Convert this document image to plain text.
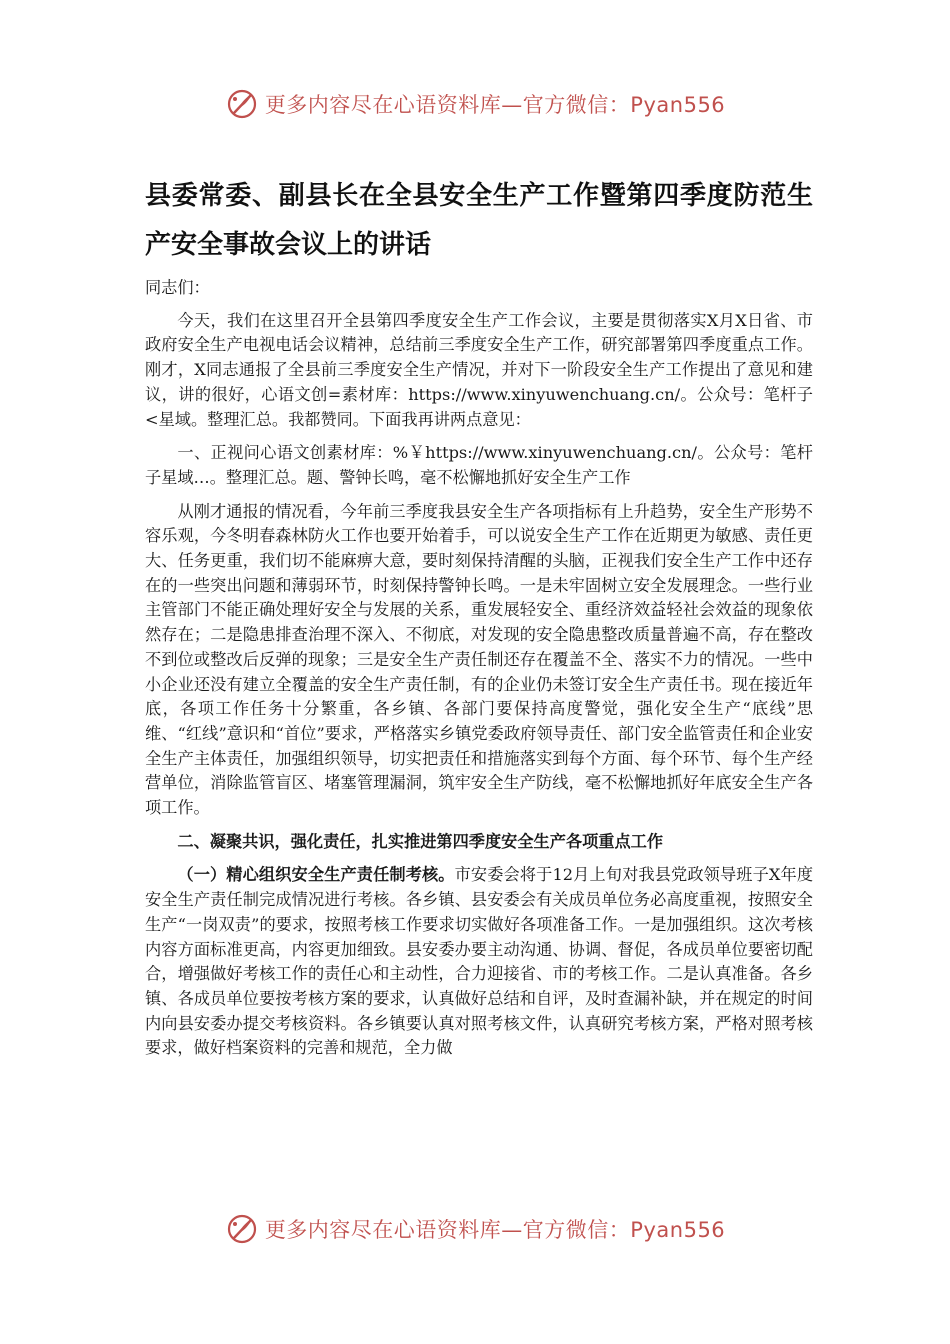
更多内容尽在心语资料库—官方微信：Pyan556
县委常委、副县长在全县安全生产工作暨第四季度防范生产安全事故会议上的讲话

同志们：

今天，我们在这里召开全县第四季度安全生产工作会议，主要是贯彻落实X月X日省、市政府安全生产电视电话会议精神，总结前三季度安全生产工作，研究部署第四季度重点工作。刚才，X同志通报了全县前三季度安全生产情况，并对下一阶段安全生产工作提出了意见和建议，讲的很好，心语文创=素材库：https://www.xinyuwenchuang.cn/。公众号：笔杆子<星域。整理汇总。我都赞同。下面我再讲两点意见：

一、正视问心语文创素材库：%￥https://www.xinyuwenchuang.cn/。公众号：笔杆子星域…。整理汇总。题、警钟长鸣，毫不松懈地抓好安全生产工作

从刚才通报的情况看，今年前三季度我县安全生产各项指标有上升趋势，安全生产形势不容乐观，今冬明春森林防火工作也要开始着手，可以说安全生产工作在近期更为敏感、责任更大、任务更重，我们切不能麻痹大意，要时刻保持清醒的头脑，正视我们安全生产工作中还存在的一些突出问题和薄弱环节，时刻保持警钟长鸣。一是未牢固树立安全发展理念。一些行业主管部门不能正确处理好安全与发展的关系，重发展轻安全、重经济效益轻社会效益的现象依然存在；二是隐患排查治理不深入、不彻底，对发现的安全隐患整改质量普遍不高，存在整改不到位或整改后反弹的现象；三是安全生产责任制还存在覆盖不全、落实不力的情况。一些中小企业还没有建立全覆盖的安全生产责任制，有的企业仍未签订安全生产责任书。现在接近年底，各项工作任务十分繁重，各乡镇、各部门要保持高度警觉，强化安全生产“底线”思维、“红线”意识和“首位”要求，严格落实乡镇党委政府领导责任、部门安全监管责任和企业安全生产主体责任，加强组织领导，切实把责任和措施落实到每个方面、每个环节、每个生产经营单位，消除监管盲区、堵塞管理漏洞，筑牢安全生产防线，毫不松懈地抓好年底安全生产各项工作。

二、凝聚共识，强化责任，扎实推进第四季度安全生产各项重点工作

（一）精心组织安全生产责任制考核。市安委会将于12月上旬对我县党政领导班子X年度安全生产责任制完成情况进行考核。各乡镇、县安委会有关成员单位务必高度重视，按照安全生产“一岗双责”的要求，按照考核工作要求切实做好各项准备工作。一是加强组织。这次考核内容方面标准更高，内容更加细致。县安委办要主动沟通、协调、督促，各成员单位要密切配合，增强做好考核工作的责任心和主动性，合力迎接省、市的考核工作。二是认真准备。各乡镇、各成员单位要按考核方案的要求，认真做好总结和自评，及时查漏补缺，并在规定的时间内向县安委办提交考核资料。各乡镇要认真对照考核文件，认真研究考核方案，严格对照考核要求，做好档案资料的完善和规范，全力做

更多内容尽在心语资料库—官方微信：Pyan556
